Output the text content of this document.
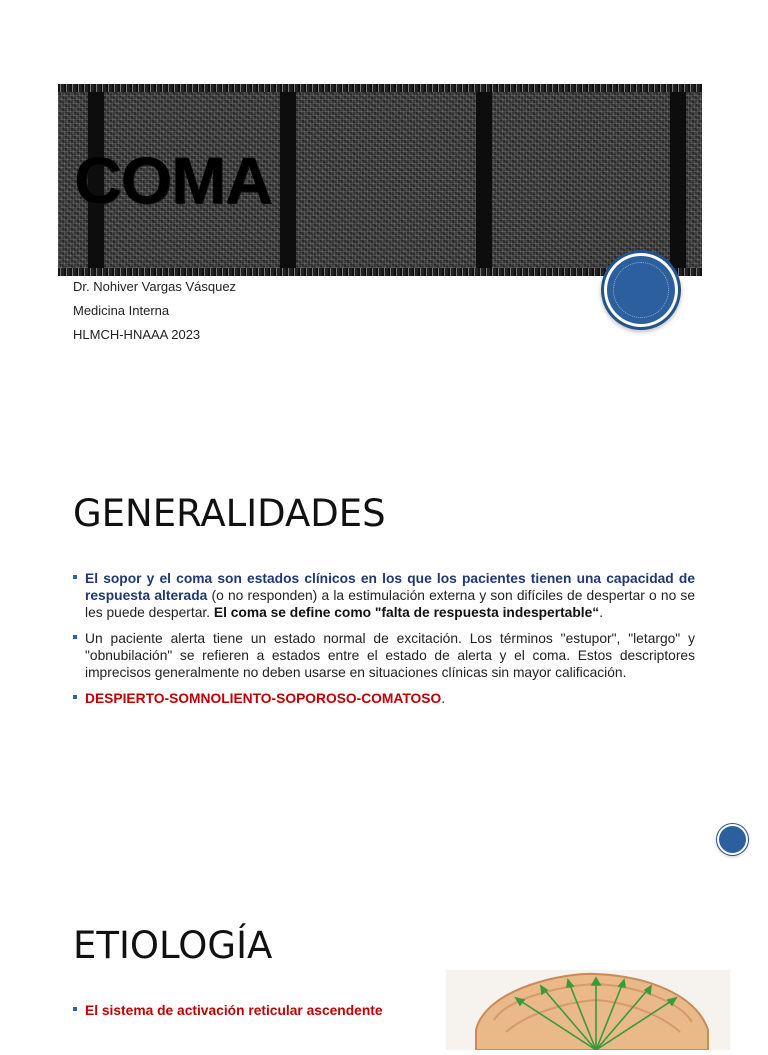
COMA
Dr. Nohiver Vargas Vásquez
Medicina Interna
HLMCH-HNAAA 2023
GENERALIDADES
El sopor y el coma son estados clínicos en los que los pacientes tienen una capacidad de respuesta alterada (o no responden) a la estimulación externa y son difíciles de despertar o no se les puede despertar. El coma se define como "falta de respuesta indespertable“.
Un paciente alerta tiene un estado normal de excitación. Los términos "estupor", "letargo" y "obnubilación" se refieren a estados entre el estado de alerta y el coma. Estos descriptores imprecisos generalmente no deben usarse en situaciones clínicas sin mayor calificación.
DESPIERTO-SOMNOLIENTO-SOPOROSO-COMATOSO.
ETIOLOGÍA
El sistema de activación reticular ascendente
